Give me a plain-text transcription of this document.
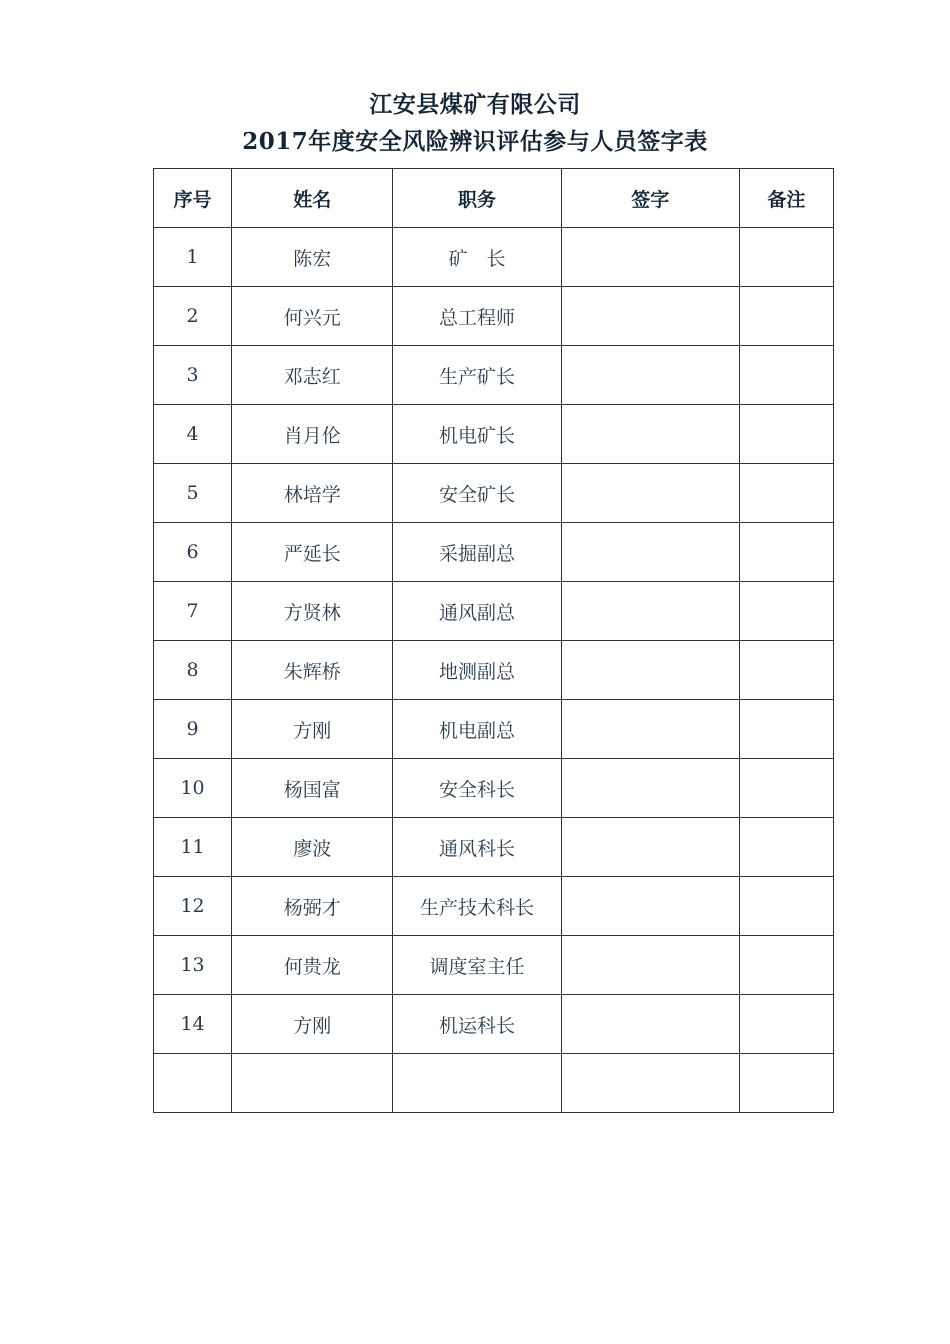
江安县煤矿有限公司
2017年度安全风险辨识评估参与人员签字表
序号	姓名	职务	签字	备注
1	陈宏	矿　长		
2	何兴元	总工程师		
3	邓志红	生产矿长		
4	肖月伦	机电矿长		
5	林培学	安全矿长		
6	严延长	采掘副总		
7	方贤林	通风副总		
8	朱辉桥	地测副总		
9	方刚	机电副总		
10	杨国富	安全科长		
11	廖波	通风科长		
12	杨弼才	生产技术科长		
13	何贵龙	调度室主任		
14	方刚	机运科长		
